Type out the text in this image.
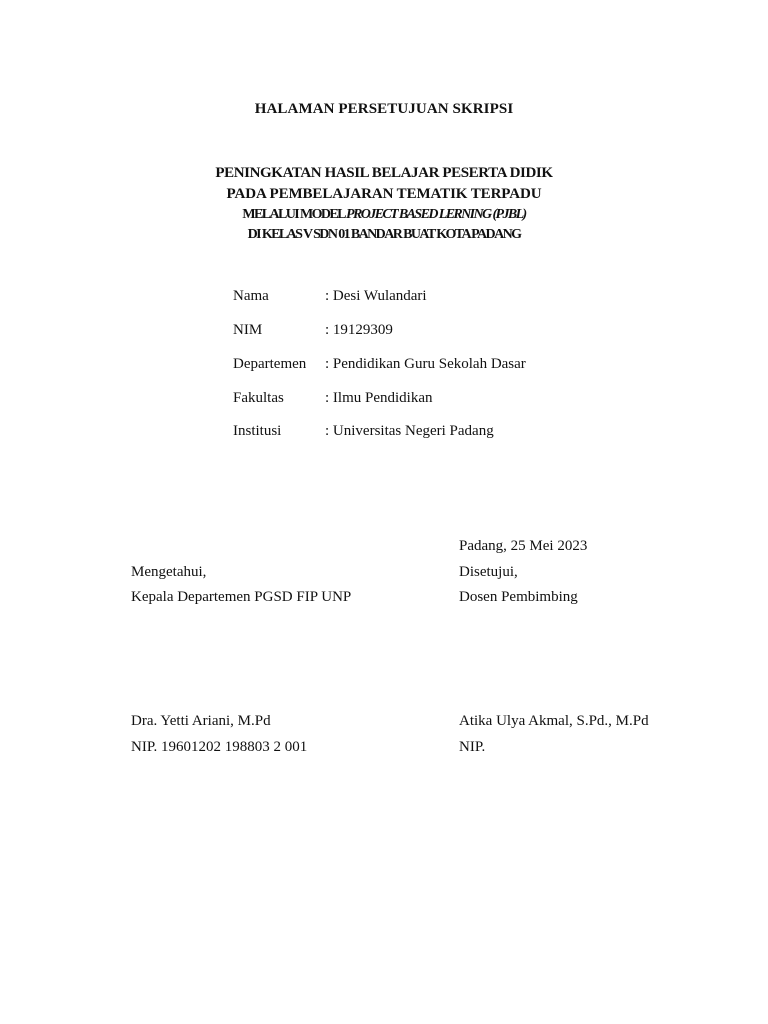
HALAMAN PERSETUJUAN SKRIPSI
PENINGKATAN HASIL BELAJAR PESERTA DIDIK
PADA PEMBELAJARAN TEMATIK TERPADU
MELALUI MODEL PROJECT BASED LERNING (PJBL)
DI KELAS V SDN 01 BANDAR BUAT KOTA PADANG
Nama	: Desi Wulandari
NIM	: 19129309
Departemen : Pendidikan Guru Sekolah Dasar
Fakultas	: Ilmu Pendidikan
Institusi	: Universitas Negeri Padang
Padang, 25 Mei 2023
Mengetahui,
Kepala Departemen PGSD FIP UNP
Dra. Yetti Ariani, M.Pd
NIP. 19601202 198803 2 001
Disetujui,
Dosen Pembimbing
Atika Ulya Akmal, S.Pd., M.Pd
NIP.
